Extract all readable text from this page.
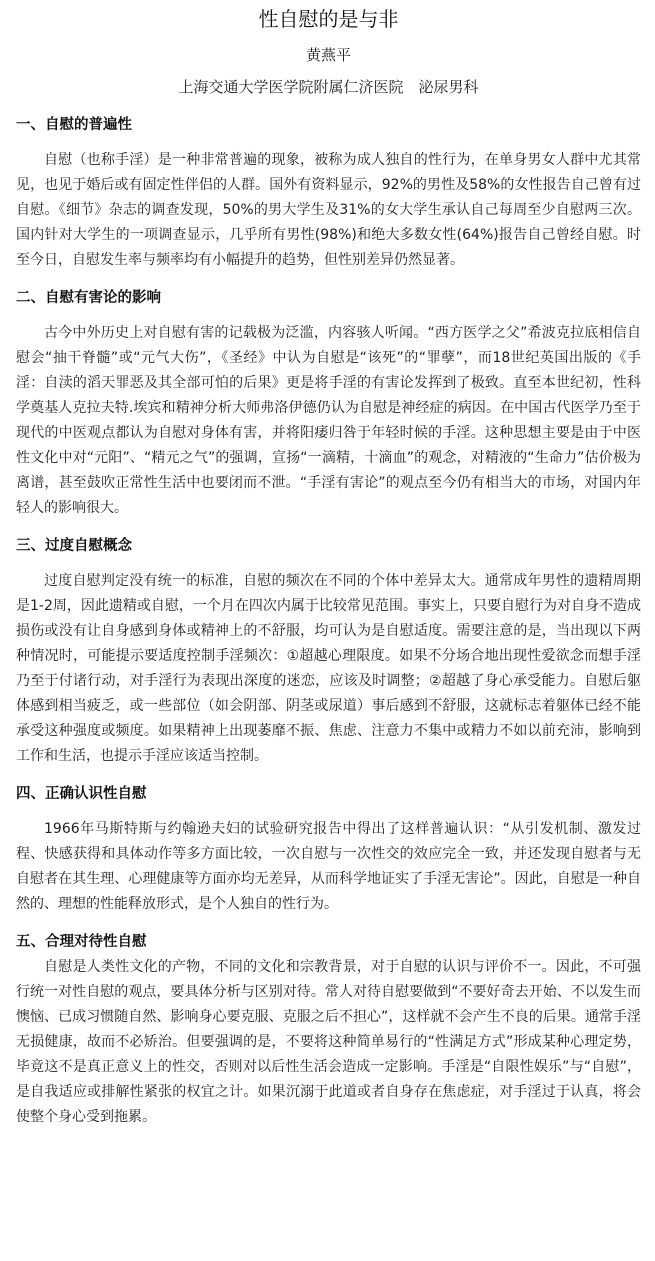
性自慰的是与非
黄燕平
上海交通大学医学院附属仁济医院　泌尿男科
一、自慰的普遍性

自慰（也称手淫）是一种非常普遍的现象，被称为成人独自的性行为，在单身男女人群中尤其常见，也见于婚后或有固定性伴侣的人群。国外有资料显示，92%的男性及58%的女性报告自己曾有过自慰。《细节》杂志的调查发现，50%的男大学生及31%的女大学生承认自己每周至少自慰两三次。国内针对大学生的一项调查显示，几乎所有男性(98%)和绝大多数女性(64%)报告自己曾经自慰。时至今日，自慰发生率与频率均有小幅提升的趋势，但性别差异仍然显著。

二、自慰有害论的影响

古今中外历史上对自慰有害的记载极为泛滥，内容骇人听闻。“西方医学之父”希波克拉底相信自慰会“抽干脊髓”或“元气大伤”，《圣经》中认为自慰是“该死”的“罪孽”，而18世纪英国出版的《手淫：自渎的滔天罪恶及其全部可怕的后果》更是将手淫的有害论发挥到了极致。直至本世纪初，性科学奠基人克拉夫特.埃宾和精神分析大师弗洛伊德仍认为自慰是神经症的病因。在中国古代医学乃至于现代的中医观点都认为自慰对身体有害，并将阳痿归咎于年轻时候的手淫。这种思想主要是由于中医性文化中对“元阳”、“精元之气”的强调，宣扬“一滴精，十滴血”的观念，对精液的“生命力”估价极为离谱，甚至鼓吹正常性生活中也要闭而不泄。“手淫有害论”的观点至今仍有相当大的市场，对国内年轻人的影响很大。

三、过度自慰概念

过度自慰判定没有统一的标准，自慰的频次在不同的个体中差异太大。通常成年男性的遗精周期是1-2周，因此遗精或自慰，一个月在四次内属于比较常见范围。事实上，只要自慰行为对自身不造成损伤或没有让自身感到身体或精神上的不舒服，均可认为是自慰适度。需要注意的是，当出现以下两种情况时，可能提示要适度控制手淫频次：①超越心理限度。如果不分场合地出现性爱欲念而想手淫乃至于付诸行动，对手淫行为表现出深度的迷恋，应该及时调整；②超越了身心承受能力。自慰后躯体感到相当疲乏，或一些部位（如会阴部、阴茎或尿道）事后感到不舒服，这就标志着躯体已经不能承受这种强度或频度。如果精神上出现萎靡不振、焦虑、注意力不集中或精力不如以前充沛，影响到工作和生活，也提示手淫应该适当控制。

四、正确认识性自慰

1966年马斯特斯与约翰逊夫妇的试验研究报告中得出了这样普遍认识：“从引发机制、激发过程、快感获得和具体动作等多方面比较，一次自慰与一次性交的效应完全一致，并还发现自慰者与无自慰者在其生理、心理健康等方面亦均无差异，从而科学地证实了手淫无害论”。因此，自慰是一种自然的、理想的性能释放形式，是个人独自的性行为。

五、合理对待性自慰

自慰是人类性文化的产物，不同的文化和宗教背景，对于自慰的认识与评价不一。因此，不可强行统一对性自慰的观点，要具体分析与区别对待。常人对待自慰要做到“不要好奇去开始、不以发生而懊恼、已成习惯随自然、影响身心要克服、克服之后不担心”，这样就不会产生不良的后果。通常手淫无损健康，故而不必矫治。但要强调的是，不要将这种简单易行的“性满足方式”形成某种心理定势，毕竟这不是真正意义上的性交，否则对以后性生活会造成一定影响。手淫是“自限性娱乐”与“自慰”，是自我适应或排解性紧张的权宜之计。如果沉溺于此道或者自身存在焦虑症，对手淫过于认真，将会使整个身心受到拖累。
